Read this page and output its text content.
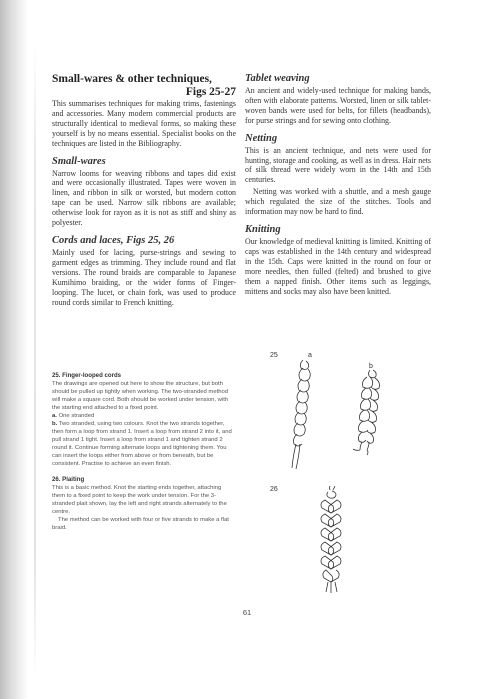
Small-wares & other techniques,
Figs 25-27

This summarises techniques for making trims, fastenings and accessories. Many modern commercial products are structurally identical to medieval forms, so making these yourself is by no means essential. Specialist books on the techniques are listed in the Bibliography.

Small-wares

Narrow looms for weaving ribbons and tapes did exist and were occasionally illustrated. Tapes were woven in linen, and ribbon in silk or worsted, but modern cotton tape can be used. Narrow silk ribbons are available; otherwise look for rayon as it is not as stiff and shiny as polyester.

Cords and laces, Figs 25, 26

Mainly used for lacing, purse-strings and sewing to garment edges as trimming. They include round and flat versions. The round braids are comparable to Japanese Kumihimo braiding, or the wider forms of Finger-looping. The lucet, or chain fork, was used to produce round cords similar to French knitting.

Tablet weaving

An ancient and widely-used technique for making bands, often with elaborate patterns. Worsted, linen or silk tablet-woven bands were used for belts, for fillets (headbands), for purse strings and for sewing onto clothing.

Netting

This is an ancient technique, and nets were used for hunting, storage and cooking, as well as in dress. Hair nets of silk thread were widely worn in the 14th and 15th centuries.

Netting was worked with a shuttle, and a mesh gauge which regulated the size of the stitches. Tools and information may now be hard to find.

Knitting

Our knowledge of medieval knitting is limited. Knitting of caps was established in the 14th century and widespread in the 15th. Caps were knitted in the round on four or more needles, then fulled (felted) and brushed to give them a napped finish. Other items such as leggings, mittens and socks may also have been knitted.

25. Finger-looped cords

The drawings are opened out here to show the structure, but both should be pulled up tightly when working. The two-stranded method will make a square cord. Both should be worked under tension, with the starting end attached to a fixed point.

a. One stranded

b. Two stranded, using two colours. Knot the two strands together, then form a loop from strand 1. Insert a loop from strand 2 into it, and pull strand 1 tight. Insert a loop from strand 1 and tighten strand 2 round it. Continue forming alternate loops and tightening them. You can insert the loops either from above or from beneath, but be consistent. Practise to achieve an even finish.

26. Plaiting

This is a basic method. Knot the starting ends together, attaching them to a fixed point to keep the work under tension. For the 3-stranded plait shown, lay the left and right strands alternately to the centre.

The method can be worked with four or five strands to make a flat braid.

25	a
b
26
61
